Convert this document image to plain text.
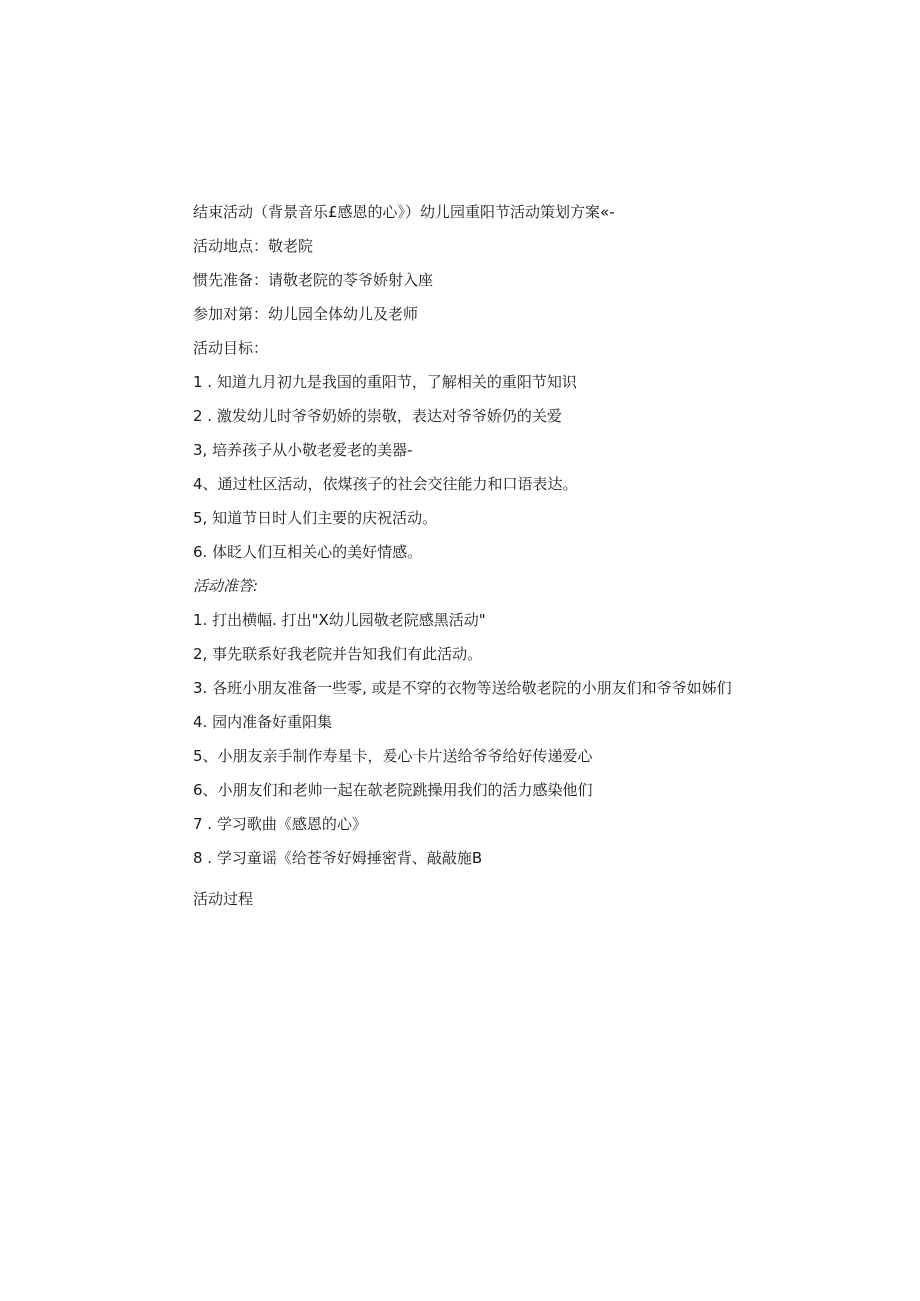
结束活动（背景音乐£感恩的心》）幼儿园重阳节活动策划方案«-
活动地点：敬老院
惯先准备：请敬老院的苓爷娇射入座
参加对第：幼儿园全体幼儿及老师
活动目标：
1 . 知道九月初九是我国的重阳节，了解相关的重阳节知识
2 . 激发幼儿时爷爷奶娇的崇敬，表达对爷爷娇仍的关爱
3, 培养孩子从小敬老爱老的美器-
4、通过杜区活动，依煤孩子的社会交往能力和口语表达。
5, 知道节日时人们主要的庆祝活动。
6. 体眨人们互相关心的美好情感。
活动准答:
1. 打出横幅. 打出"X幼儿园敬老院感黑活动"
2, 事先联系好我老院并告知我们有此活动。
3. 各班小朋友准备一些零, 或是不穿的衣物等送给敬老院的小朋友们和爷爷如姊们
4. 园内准备好重阳集
5、小朋友亲手制作寿星卡，爰心卡片送给爷爷给好传递爱心
6、小朋友们和老帅一起在欹老院跳操用我们的活力感染他们
7 . 学习歌曲《感恩的心》
8 . 学习童谣《给苍爷好姆捶密背、敲敲施B
活动过程
